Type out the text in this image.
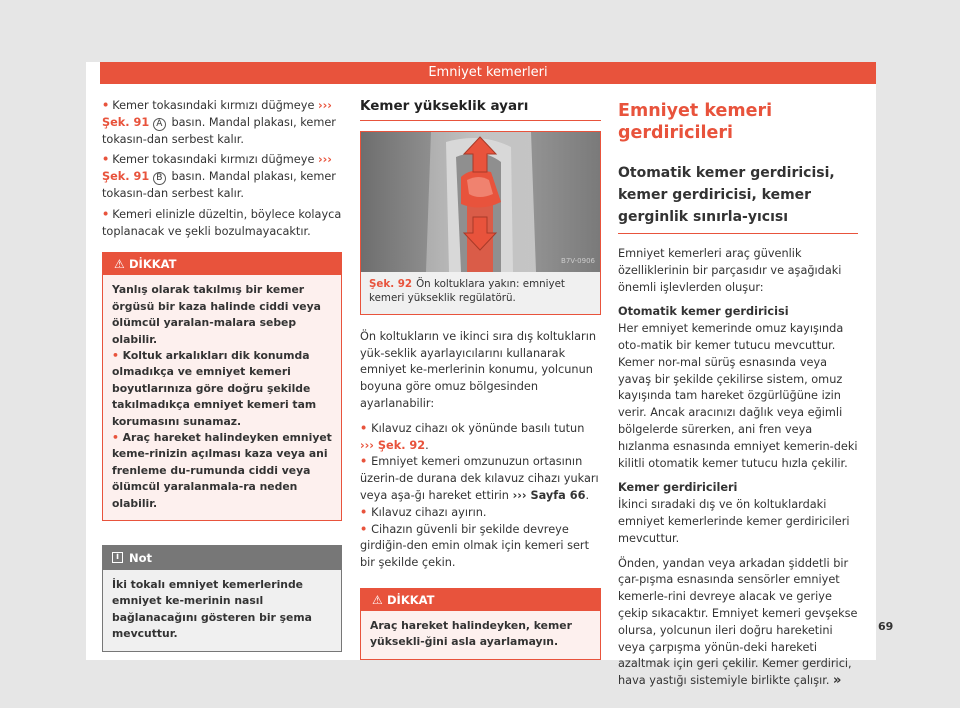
Emniyet kemerleri
• Kemer tokasındaki kırmızı düğmeye ››› Şek. 91 A basın. Mandal plakası, kemer tokasın-dan serbest kalır.
• Kemer tokasındaki kırmızı düğmeye ››› Şek. 91 B basın. Mandal plakası, kemer tokasın-dan serbest kalır.
• Kemeri elinizle düzeltin, böylece kolayca toplanacak ve şekli bozulmayacaktır.
⚠ DİKKAT
Yanlış olarak takılmış bir kemer örgüsü bir kaza halinde ciddi veya ölümcül yaralan-malara sebep olabilir.
• Koltuk arkalıkları dik konumda olmadıkça ve emniyet kemeri boyutlarınıza göre doğru şekilde takılmadıkça emniyet kemeri tam korumasını sunamaz.
• Araç hareket halindeyken emniyet keme-rinizin açılması kaza veya ani frenleme du-rumunda ciddi veya ölümcül yaralanmala-ra neden olabilir.
i Not
İki tokalı emniyet kemerlerinde emniyet ke-merinin nasıl bağlanacağını gösteren bir şema mevcuttur.
Kemer yükseklik ayarı
B7V-0906
Şek. 92 Ön koltuklara yakın: emniyet kemeri yükseklik regülatörü.
Ön koltukların ve ikinci sıra dış koltukların yük-seklik ayarlayıcılarını kullanarak emniyet ke-merlerinin konumu, yolcunun boyuna göre omuz bölgesinden ayarlanabilir:
• Kılavuz cihazı ok yönünde basılı tutun ››› Şek. 92.
• Emniyet kemeri omzunuzun ortasının üzerin-de durana dek kılavuz cihazı yukarı veya aşa-ğı hareket ettirin ››› Sayfa 66.
• Kılavuz cihazı ayırın.
• Cihazın güvenli bir şekilde devreye girdiğin-den emin olmak için kemeri sert bir şekilde çekin.
⚠ DİKKAT
Araç hareket halindeyken, kemer yüksekli-ğini asla ayarlamayın.
Emniyet kemeri gerdiricileri
Otomatik kemer gerdiricisi, kemer gerdiricisi, kemer gerginlik sınırla-yıcısı
Emniyet kemerleri araç güvenlik özelliklerinin bir parçasıdır ve aşağıdaki önemli işlevlerden oluşur:
Otomatik kemer gerdiricisi
Her emniyet kemerinde omuz kayışında oto-matik bir kemer tutucu mevcuttur. Kemer nor-mal sürüş esnasında veya yavaş bir şekilde çekilirse sistem, omuz kayışında tam hareket özgürlüğüne izin verir. Ancak aracınızı dağlık veya eğimli bölgelerde sürerken, ani fren veya hızlanma esnasında emniyet kemerin-deki kilitli otomatik kemer tutucu hızla çekilir.
Kemer gerdiricileri
İkinci sıradaki dış ve ön koltuklardaki emniyet kemerlerinde kemer gerdiricileri mevcuttur.
Önden, yandan veya arkadan şiddetli bir çar-pışma esnasında sensörler emniyet kemerle-rini devreye alacak ve geriye çekip sıkacaktır. Emniyet kemeri gevşekse olursa, yolcunun ileri doğru hareketini veya çarpışma yönün-deki hareketi azaltmak için geri çekilir. Kemer gerdirici, hava yastığı sistemiyle birlikte çalışır. »
69
